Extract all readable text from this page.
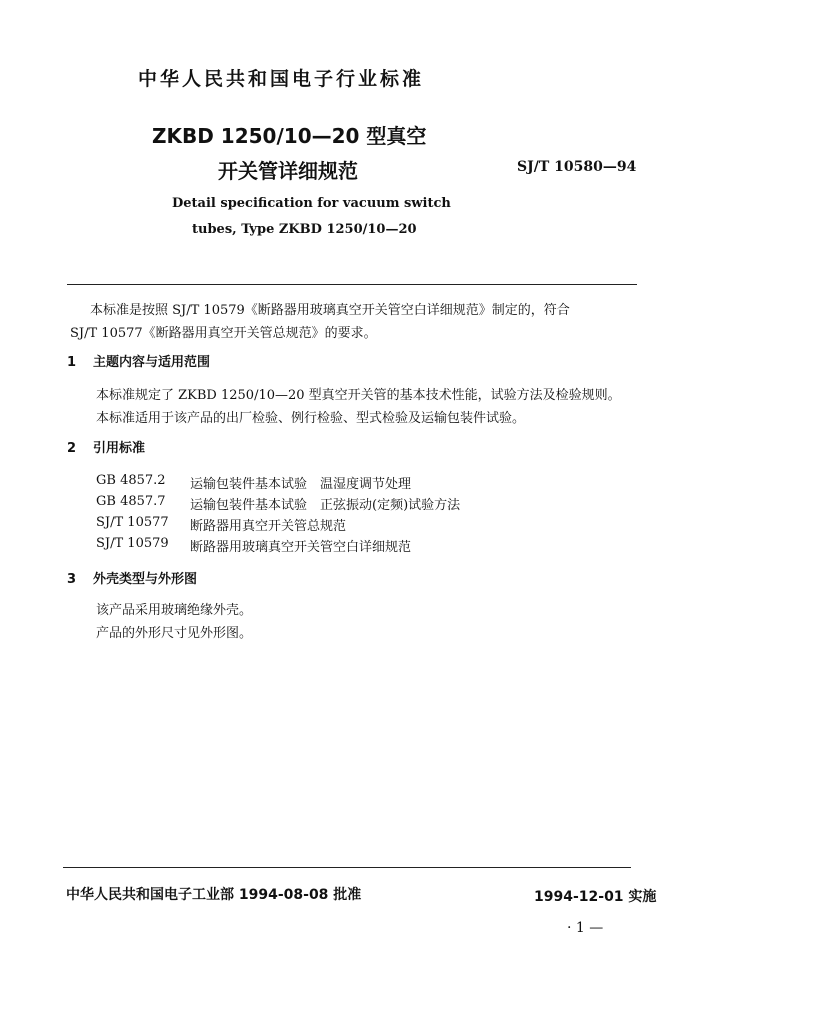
中华人民共和国电子行业标准
ZKBD 1250/10—20 型真空
开关管详细规范	SJ/T 10580—94
Detail specification for vacuum switch
tubes, Type ZKBD 1250/10—20
本标准是按照 SJ/T 10579《断路器用玻璃真空开关管空白详细规范》制定的，符合
SJ/T 10577《断路器用真空开关管总规范》的要求。
1 主题内容与适用范围
本标准规定了 ZKBD 1250/10—20 型真空开关管的基本技术性能，试验方法及检验规则。
本标准适用于该产品的出厂检验、例行检验、型式检验及运输包装件试验。
2 引用标准
GB 4857.2 运输包装件基本试验　温湿度调节处理
GB 4857.7 运输包装件基本试验　正弦振动(定频)试验方法
SJ/T 10577 断路器用真空开关管总规范
SJ/T 10579 断路器用玻璃真空开关管空白详细规范
3 外壳类型与外形图
该产品采用玻璃绝缘外壳。
产品的外形尺寸见外形图。
中华人民共和国电子工业部 1994-08-08 批准	1994-12-01 实施
· 1 —
